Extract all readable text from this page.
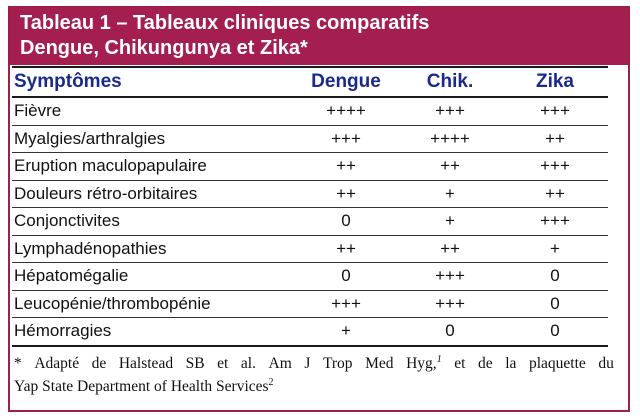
Tableau 1 – Tableaux cliniques comparatifs
Dengue, Chikungunya et Zika*
Symptômes	Dengue	Chik.	Zika
Fièvre	++++	+++	+++
Myalgies/arthralgies	+++	++++	++
Eruption maculopapulaire	++	++	+++
Douleurs rétro-orbitaires	++	+	++
Conjonctivites	0	+	+++
Lymphadénopathies	++	++	+
Hépatomégalie	0	+++	0
Leucopénie/thrombopénie	+++	+++	0
Hémorragies	+	0	0
* Adapté de Halstead SB et al. Am J Trop Med Hyg,$^1$ et de la plaquette du
Yap State Department of Health Services$^2$
